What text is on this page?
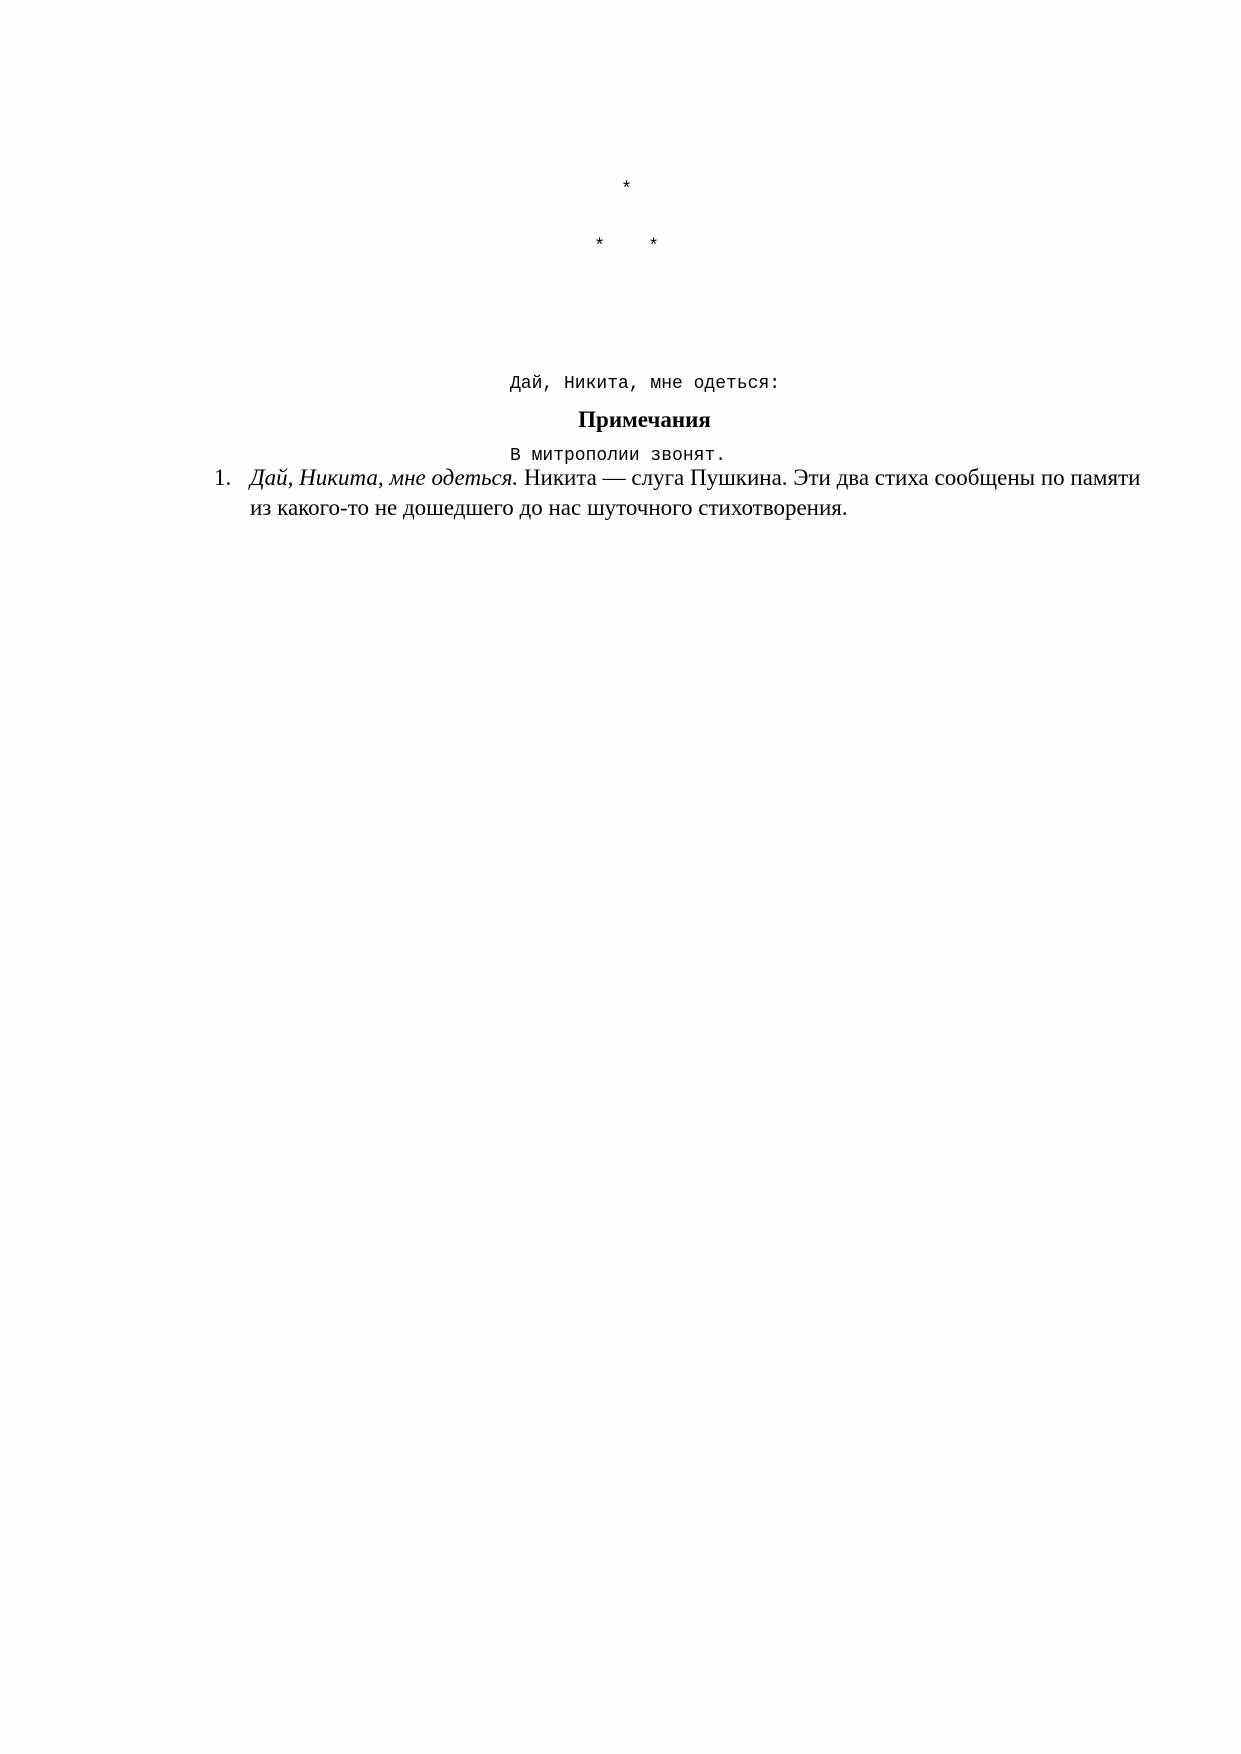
*
*    *

Дай, Никита, мне одеться:

В митрополии звонят.

Примечания
1. Дай, Никита, мне одеться. Никита — слуга Пушкина. Эти два стиха сообщены по памяти из какого-то не дошедшего до нас шуточного стихотворения.
